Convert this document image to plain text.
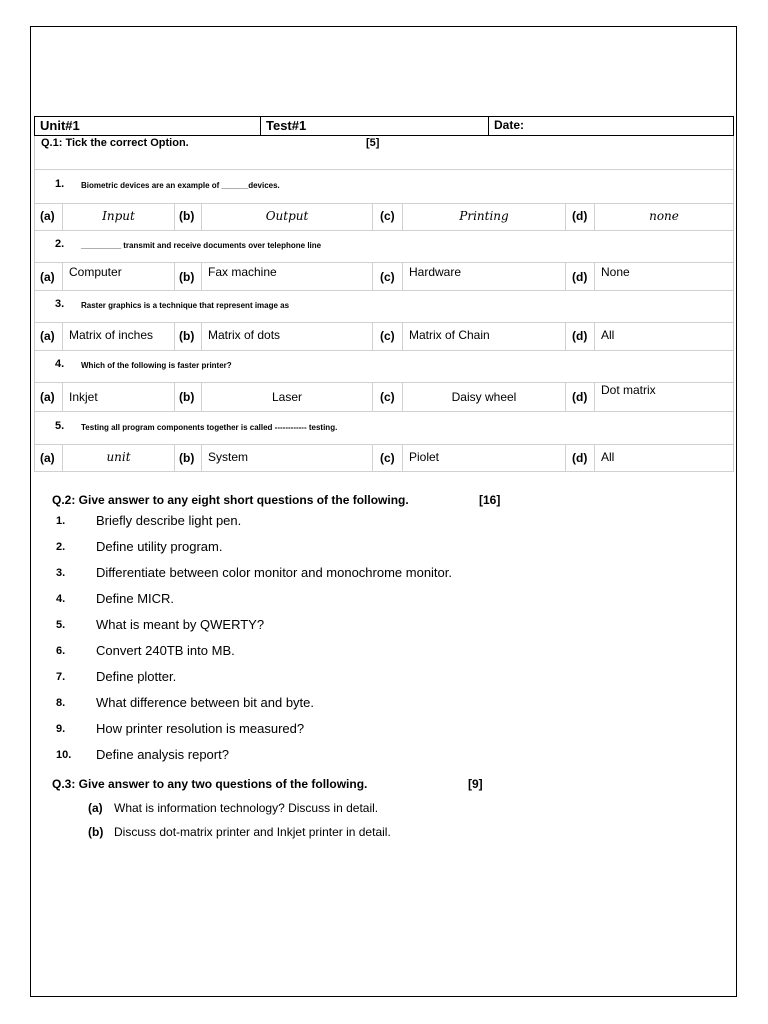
Unit#1	Test#1	Date:
Q.1: Tick the correct Option.	[5]
1. Biometric devices are an example of ______devices.
(a)	Input	(b)	Output	(c)	Printing	(d)	none
2. _________ transmit and receive documents over telephone line
(a) Computer	(b) Fax machine	(c) Hardware	(d) None
3. Raster graphics is a technique that represent image as
(a) Matrix of inches (b) Matrix of dots	(c) Matrix of Chain	(d) All
4. Which of the following is faster printer?
(a) Inkjet	(b)	Laser	(c)	Daisy wheel	(d) Dot matrix
5. Testing all program components together is called ------------ testing.
(a)	unit	(b) System	(c) Piolet	(d) All
Q.2: Give answer to any eight short questions of the following.	[16]
1. Briefly describe light pen.
2. Define utility program.
3. Differentiate between color monitor and monochrome monitor.
4. Define MICR.
5. What is meant by QWERTY?
6. Convert 240TB into MB.
7. Define plotter.
8. What difference between bit and byte.
9. How printer resolution is measured?
10. Define analysis report?
Q.3: Give answer to any two questions of the following.	[9]
(a) What is information technology? Discuss in detail.
(b) Discuss dot-matrix printer and Inkjet printer in detail.
